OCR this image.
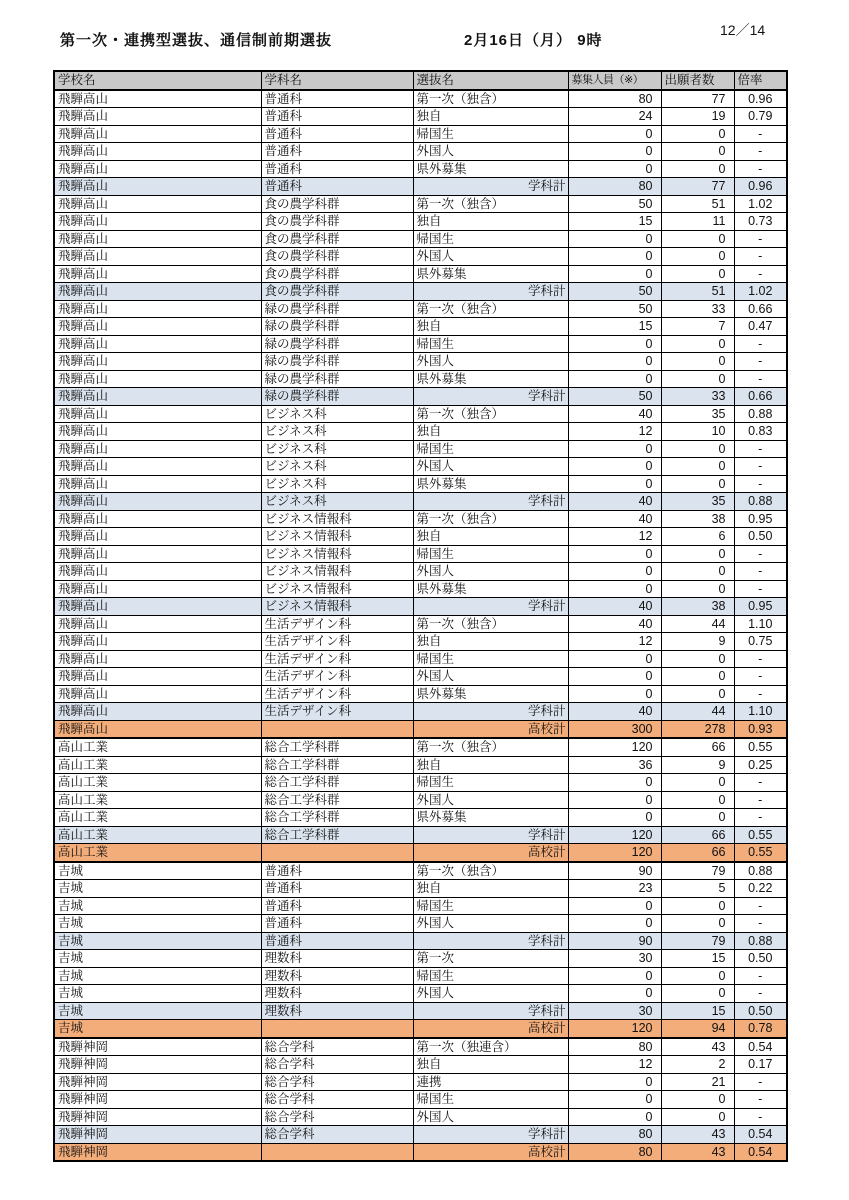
第一次・連携型選抜、通信制前期選抜	2月16日（月） 9時
12／14
学校名	学科名	選抜名	募集人員（※）	出願者数	倍率
飛騨高山	普通科	第一次（独含）	80	77	0.96
飛騨高山	普通科	独自	24	19	0.79
飛騨高山	普通科	帰国生	0	0	-
飛騨高山	普通科	外国人	0	0	-
飛騨高山	普通科	県外募集	0	0	-
飛騨高山	普通科	学科計	80	77	0.96
飛騨高山	食の農学科群	第一次（独含）	50	51	1.02
飛騨高山	食の農学科群	独自	15	11	0.73
飛騨高山	食の農学科群	帰国生	0	0	-
飛騨高山	食の農学科群	外国人	0	0	-
飛騨高山	食の農学科群	県外募集	0	0	-
飛騨高山	食の農学科群	学科計	50	51	1.02
飛騨高山	緑の農学科群	第一次（独含）	50	33	0.66
飛騨高山	緑の農学科群	独自	15	7	0.47
飛騨高山	緑の農学科群	帰国生	0	0	-
飛騨高山	緑の農学科群	外国人	0	0	-
飛騨高山	緑の農学科群	県外募集	0	0	-
飛騨高山	緑の農学科群	学科計	50	33	0.66
飛騨高山	ビジネス科	第一次（独含）	40	35	0.88
飛騨高山	ビジネス科	独自	12	10	0.83
飛騨高山	ビジネス科	帰国生	0	0	-
飛騨高山	ビジネス科	外国人	0	0	-
飛騨高山	ビジネス科	県外募集	0	0	-
飛騨高山	ビジネス科	学科計	40	35	0.88
飛騨高山	ビジネス情報科	第一次（独含）	40	38	0.95
飛騨高山	ビジネス情報科	独自	12	6	0.50
飛騨高山	ビジネス情報科	帰国生	0	0	-
飛騨高山	ビジネス情報科	外国人	0	0	-
飛騨高山	ビジネス情報科	県外募集	0	0	-
飛騨高山	ビジネス情報科	学科計	40	38	0.95
飛騨高山	生活デザイン科	第一次（独含）	40	44	1.10
飛騨高山	生活デザイン科	独自	12	9	0.75
飛騨高山	生活デザイン科	帰国生	0	0	-
飛騨高山	生活デザイン科	外国人	0	0	-
飛騨高山	生活デザイン科	県外募集	0	0	-
飛騨高山	生活デザイン科	学科計	40	44	1.10
飛騨高山		高校計	300	278	0.93
高山工業	総合工学科群	第一次（独含）	120	66	0.55
高山工業	総合工学科群	独自	36	9	0.25
高山工業	総合工学科群	帰国生	0	0	-
高山工業	総合工学科群	外国人	0	0	-
高山工業	総合工学科群	県外募集	0	0	-
高山工業	総合工学科群	学科計	120	66	0.55
高山工業		高校計	120	66	0.55
吉城	普通科	第一次（独含）	90	79	0.88
吉城	普通科	独自	23	5	0.22
吉城	普通科	帰国生	0	0	-
吉城	普通科	外国人	0	0	-
吉城	普通科	学科計	90	79	0.88
吉城	理数科	第一次	30	15	0.50
吉城	理数科	帰国生	0	0	-
吉城	理数科	外国人	0	0	-
吉城	理数科	学科計	30	15	0.50
吉城		高校計	120	94	0.78
飛騨神岡	総合学科	第一次（独連含）	80	43	0.54
飛騨神岡	総合学科	独自	12	2	0.17
飛騨神岡	総合学科	連携	0	21	-
飛騨神岡	総合学科	帰国生	0	0	-
飛騨神岡	総合学科	外国人	0	0	-
飛騨神岡	総合学科	学科計	80	43	0.54
飛騨神岡		高校計	80	43	0.54
